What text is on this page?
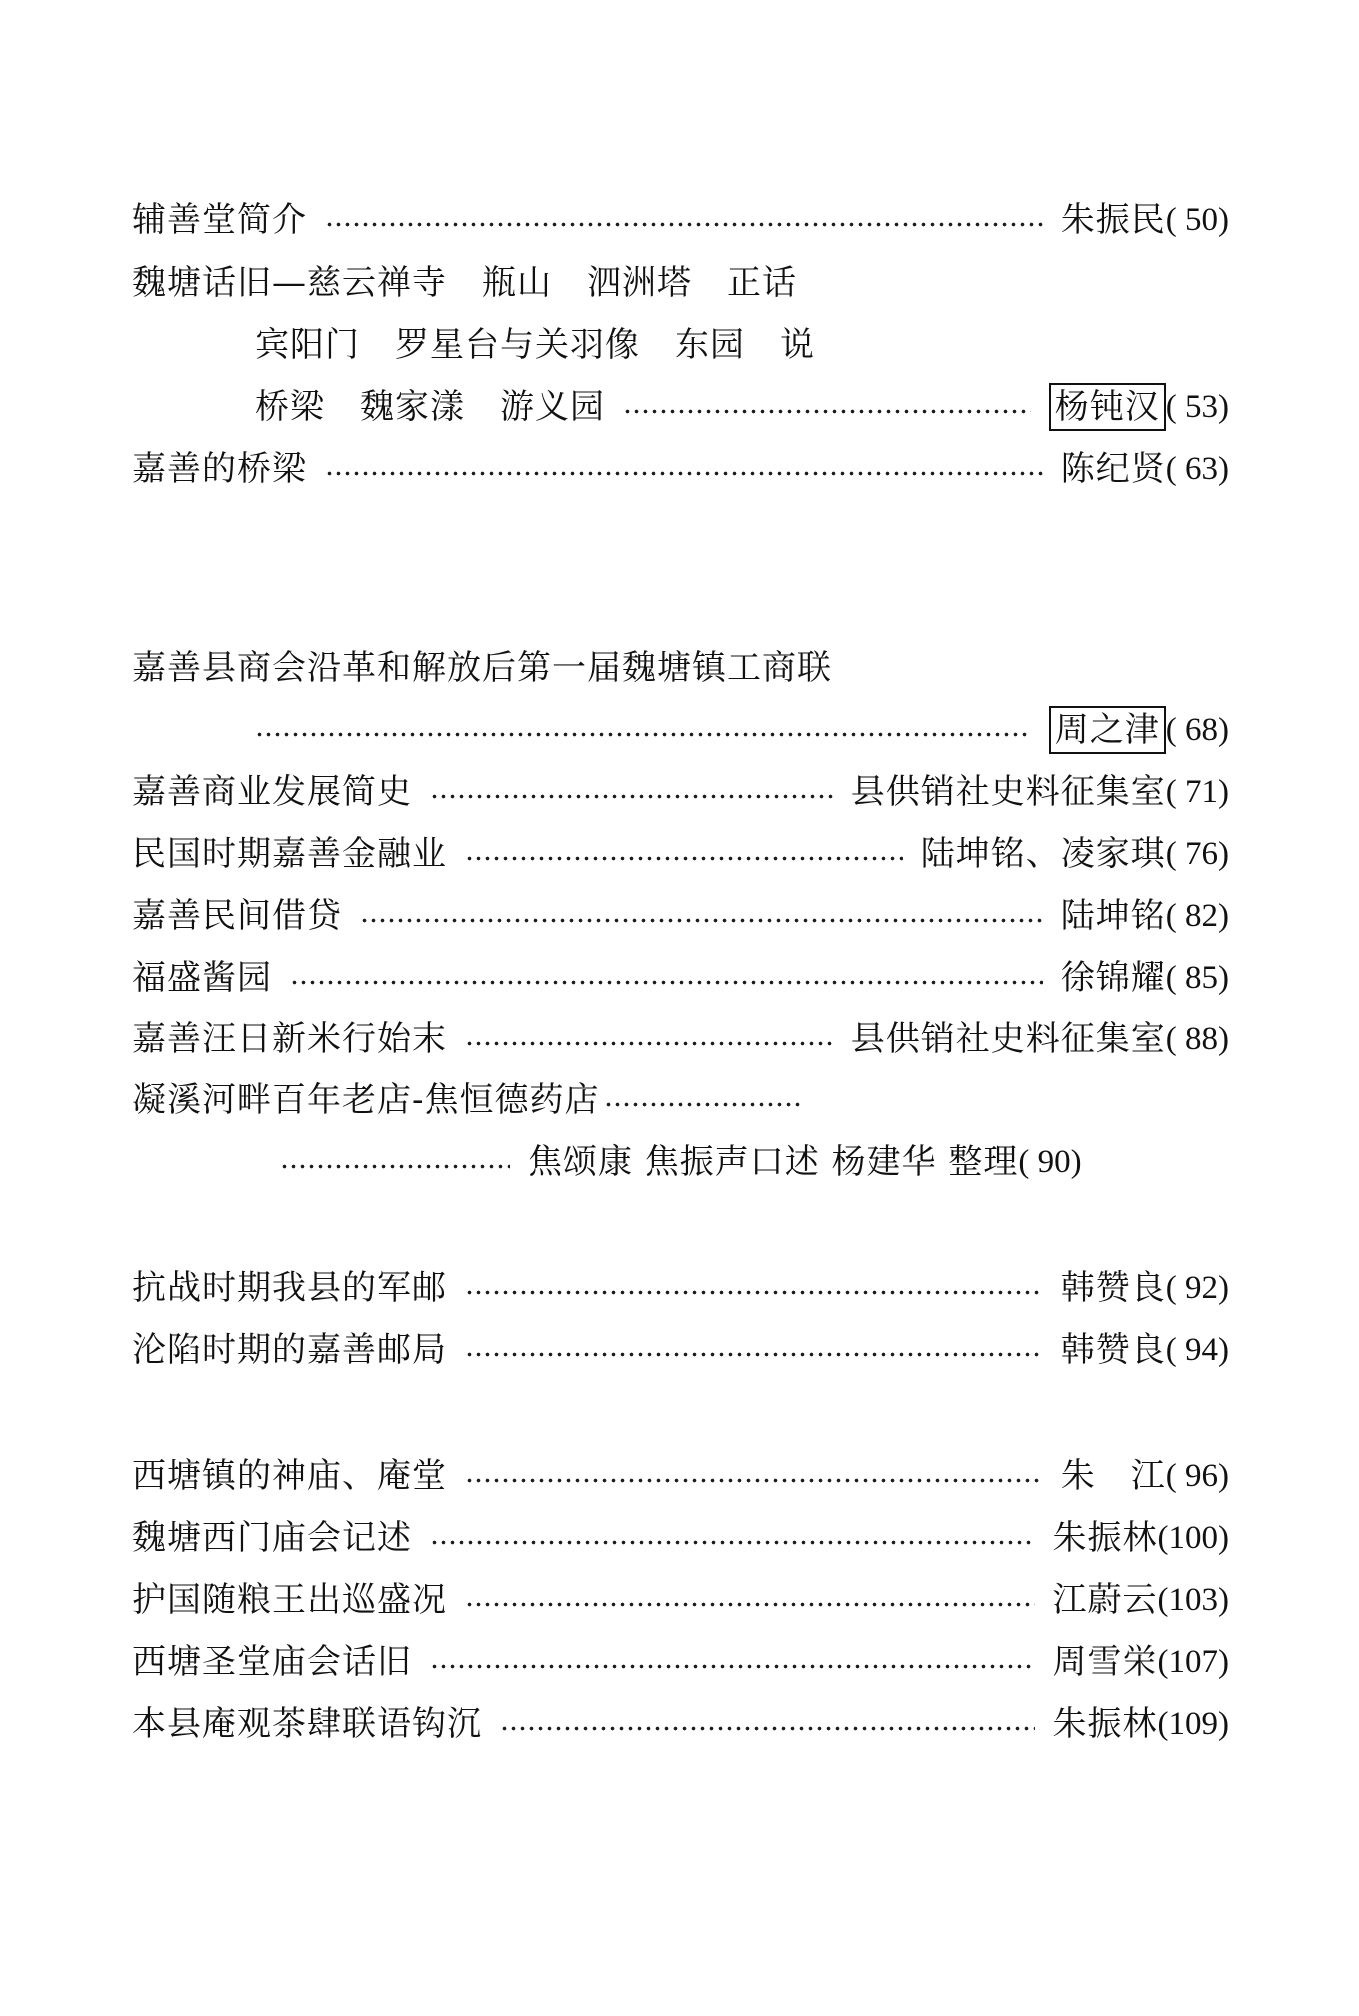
辅善堂简介	朱振民 ( 50)
魏塘话旧—慈云禅寺　瓶山　泗洲塔　正话
宾阳门　罗星台与关羽像　东园　说
桥梁　魏家漾　游义园	杨钝汉 ( 53)
嘉善的桥梁	陈纪贤 ( 63)
嘉善县商会沿革和解放后第一届魏塘镇工商联
周之津 ( 68)
嘉善商业发展简史	县供销社史料征集室 ( 71)
民国时期嘉善金融业	陆坤铭、凌家琪 ( 76)
嘉善民间借贷	陆坤铭 ( 82)
福盛酱园	徐锦耀 ( 85)
嘉善汪日新米行始末	县供销社史料征集室 ( 88)
凝溪河畔百年老店-焦恒德药店
焦颂康 焦振声口述 杨建华 整理 ( 90)
抗战时期我县的军邮	韩赞良 ( 92)
沦陷时期的嘉善邮局	韩赞良 ( 94)
西塘镇的神庙、庵堂	朱　江 ( 96)
魏塘西门庙会记述	朱振林 (100)
护国随粮王出巡盛况	江蔚云 (103)
西塘圣堂庙会话旧	周雪栄 (107)
本县庵观茶肆联语钩沉	朱振林 (109)
